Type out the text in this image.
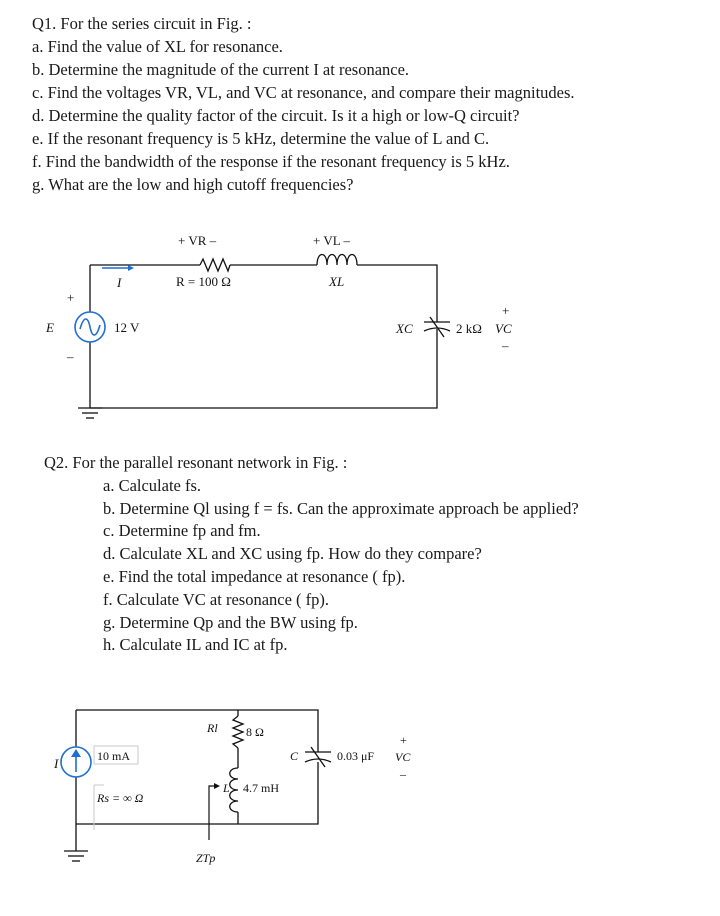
Q1. For the series circuit in Fig. :
a. Find the value of XL for resonance.
b. Determine the magnitude of the current I at resonance.
c. Find the voltages VR, VL, and VC at resonance, and compare their magnitudes.
d. Determine the quality factor of the circuit. Is it a high or low-Q circuit?
e. If the resonant frequency is 5 kHz, determine the value of L and C.
f. Find the bandwidth of the response if the resonant frequency is 5 kHz.
g. What are the low and high cutoff frequencies?
+ VR –	+ VL –
R = 100 Ω	XL
I
+
E	12 V
–
XC	2 kΩ
+
VC
–
Q2. For the parallel resonant network in Fig. :
a. Calculate fs.
b. Determine Ql using f = fs. Can the approximate approach be applied?
c. Determine fp and fm.
d. Calculate XL and XC using fp. How do they compare?
e. Find the total impedance at resonance ( fp).
f. Calculate VC at resonance ( fp).
g. Determine Qp and the BW using fp.
h. Calculate IL and IC at fp.
I	10 mA
Rs = ∞ Ω
Rl 8 Ω
L 4.7 mH
C	0.03 μF
+
VC
–
ZTp
